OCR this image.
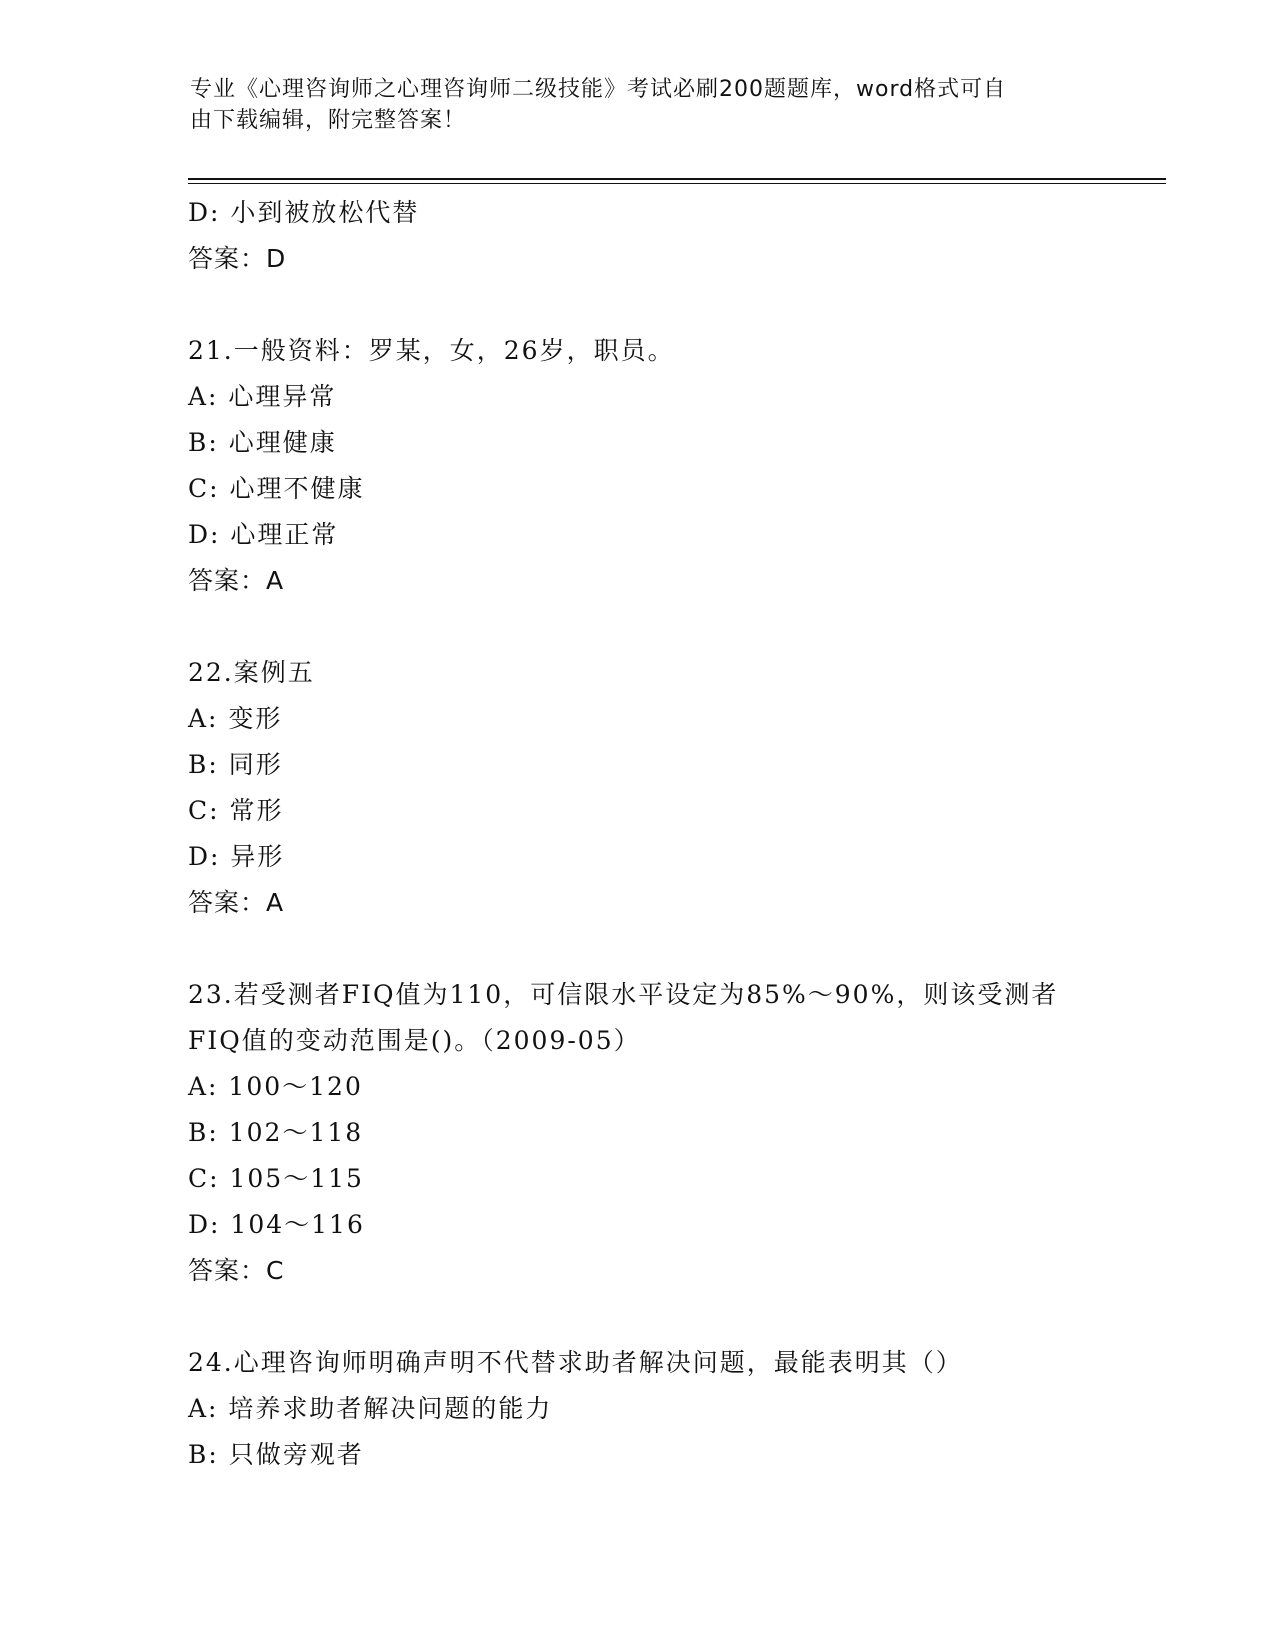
专业《心理咨询师之心理咨询师二级技能》考试必刷200题题库，word格式可自
由下载编辑，附完整答案！
D: 小到被放松代替
答案：D
21.一般资料：罗某，女，26岁，职员。
A: 心理异常
B: 心理健康
C: 心理不健康
D: 心理正常
答案：A
22.案例五
A: 变形
B: 同形
C: 常形
D: 异形
答案：A
23.若受测者FIQ值为110，可信限水平设定为85%～90%，则该受测者
FIQ值的变动范围是()。（2009-05）
A: 100～120
B: 102～118
C: 105～115
D: 104～116
答案：C
24.心理咨询师明确声明不代替求助者解决问题，最能表明其（）
A: 培养求助者解决问题的能力
B: 只做旁观者
